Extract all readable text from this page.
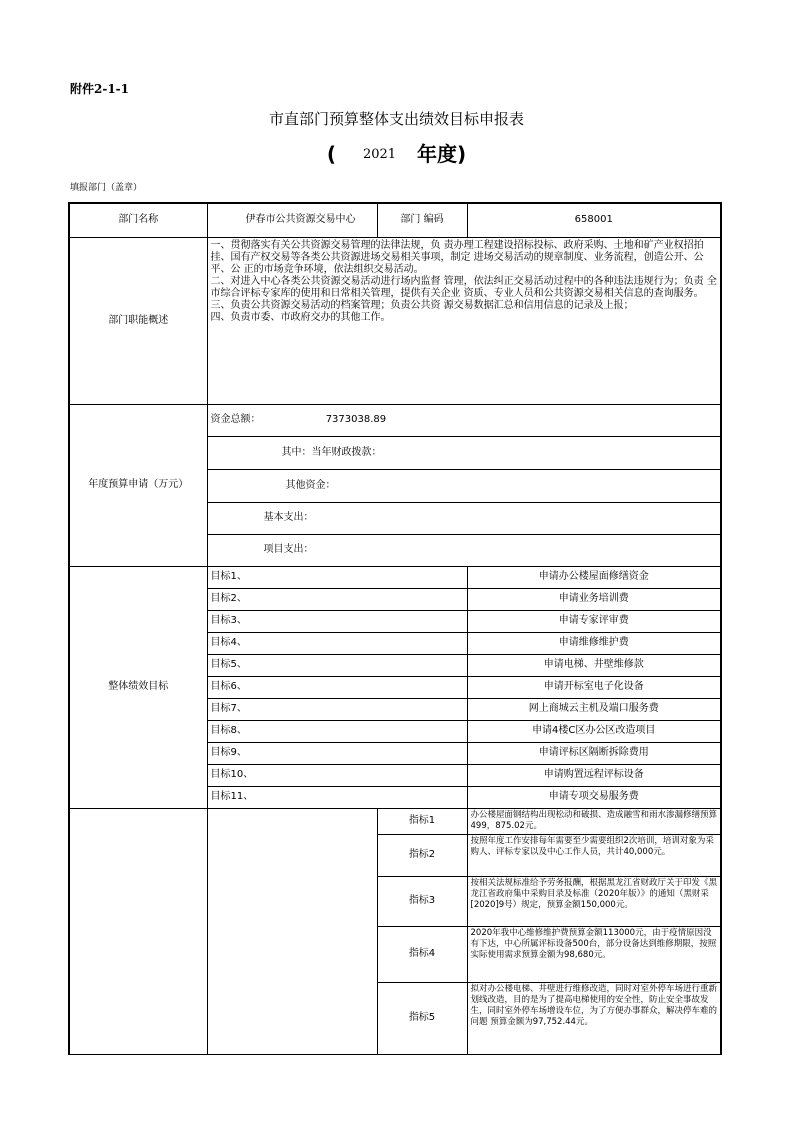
附件2-1-1
市直部门预算整体支出绩效目标申报表
( 2021 年度)
填报部门（盖章）
部门名称	伊春市公共资源交易中心	部门 编码	658001
部门职能概述	一、贯彻落实有关公共资源交易管理的法律法规，负 责办理工程建设招标投标、政府采购、土地和矿产业权招拍 挂、国有产权交易等各类公共资源进场交易相关事项，制定 进场交易活动的规章制度、业务流程，创造公开、公平、公 正的市场竞争环境，依法组织交易活动。
二、对进入中心各类公共资源交易活动进行场内监督 管理，依法纠正交易活动过程中的各种违法违规行为；负责 全市综合评标专家库的使用和日常相关管理，提供有关企业 资质、专业人员和公共资源交易相关信息的查询服务。
三、负责公共资源交易活动的档案管理；负责公共资 源交易数据汇总和信用信息的记录及上报；
四、负责市委、市政府交办的其他工作。		

年度预算申请（万元）	资金总额： 7373038.89		
	其中：当年财政拨款：		
	其他资金：		
	基本支出：		
	项目支出：		
整体绩效目标	目标1、		申请办公楼屋面修缮资金
	目标2、		申请业务培训费
	目标3、		申请专家评审费
	目标4、		申请维修维护费
	目标5、		申请电梯、井壁维修款
	目标6、		申请开标室电子化设备
	目标7、		网上商城云主机及端口服务费
	目标8、		申请4楼C区办公区改造项目
	目标9、		申请评标区隔断拆除费用
	目标10、		申请购置远程评标设备
	目标11、		申请专项交易服务费
		指标1	办公楼屋面钢结构出现松动和破损、造成融雪和雨水渗漏修缮预算499，875.02元。
		指标2	按照年度工作安排每年需要至少需要组织2次培训，培训对象为采购人、评标专家以及中心工作人员，共计40,000元。
		指标3	按相关法规标准给予劳务报酬，根据黑龙江省财政厅关于印发《黑龙江省政府集中采购目录及标准（2020年版）》的通知（黑财采[2020]9号）规定，预算金额150,000元。
		指标4	2020年我中心维修维护费预算金额113000元，由于疫情原因没有下达，中心所属评标设备500台，部分设备达到维修期限，按照实际使用需求预算金额为98,680元。
		指标5	拟对办公楼电梯、井壁进行维修改造，同时对室外停车场进行重新划线改造，目的是为了提高电梯使用的安全性，防止安全事故发生，同时室外停车场增设车位，为了方便办事群众，解决停车难的问题 预算金额为97,752.44元。
